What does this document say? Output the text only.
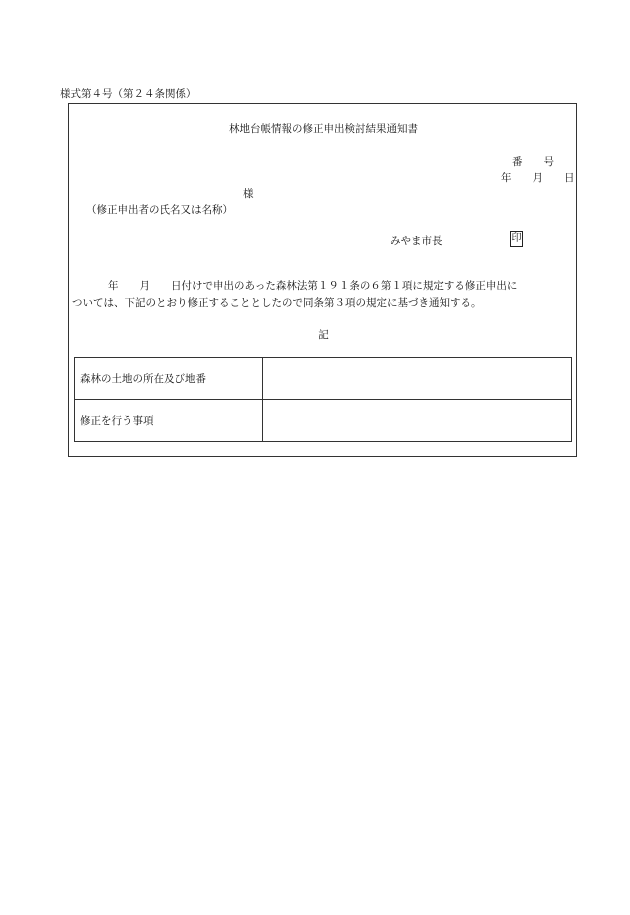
様式第４号（第２４条関係）
林地台帳情報の修正申出検討結果通知書
番　　号
年　　月　　日
様
（修正申出者の氏名又は名称）
みやま市長	印
年　　月　　日付けで申出のあった森林法第１９１条の６第１項に規定する修正申出に
ついては、下記のとおり修正することとしたので同条第３項の規定に基づき通知する。
記
森林の土地の所在及び地番	
修正を行う事項	
